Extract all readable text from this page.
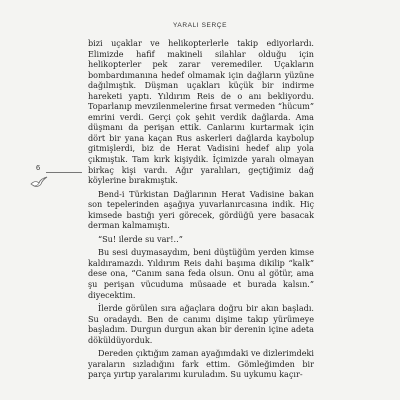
YARALI SERÇE
6

bizi uçaklar ve helikopterlerle takip ediyorlardı. Elimizde hafif makineli silahlar olduğu için helikopterler pek zarar veremediler. Uçakların bombardımanına hedef olmamak için dağların yüzüne dağılmıştık. Düşman uçakları küçük bir indirme hareketi yaptı. Yıldırım Reis de o anı bekliyordu. Toparlanıp mevzilenmelerine fırsat vermeden “hücum” emrini verdi. Gerçi çok şehit verdik dağlarda. Ama düşmanı da perişan ettik. Canlarını kurtarmak için dört bir yana kaçan Rus askerleri dağlarda kaybolup gitmişlerdi, biz de Herat Vadisini hedef alıp yola çıkmıştık. Tam kırk kişiydik. İçimizde yaralı olmayan birkaç kişi vardı. Ağır yaralıları, geçtiğimiz dağ köylerine bırakmıştık.

Bend-i Türkistan Dağlarının Herat Vadisine bakan son tepelerinden aşağıya yuvarlanırcasına indik. Hiç kimsede bastığı yeri görecek, gördüğü yere basacak derman kalmamıştı.

“Su! ilerde su var!..”

Bu sesi duymasaydım, beni düştüğüm yerden kimse kaldıramazdı. Yıldırım Reis dahi başıma dikilip “kalk” dese ona, “Canım sana feda olsun. Onu al götür, ama şu perişan vücuduma müsaade et burada kalsın.” diyecektim.

İlerde görülen sıra ağaçlara doğru bir akın başladı. Su oradaydı. Ben de canımı dişime takıp yürümeye başladım. Durgun durgun akan bir derenin içine adeta döküldüyorduk.

Dereden çıktığım zaman ayağımdaki ve dizlerimdeki yaraların sızladığını fark ettim. Gömleğimden bir parça yırtıp yaralarımı kuruladım. Su uykumu kaçır-
